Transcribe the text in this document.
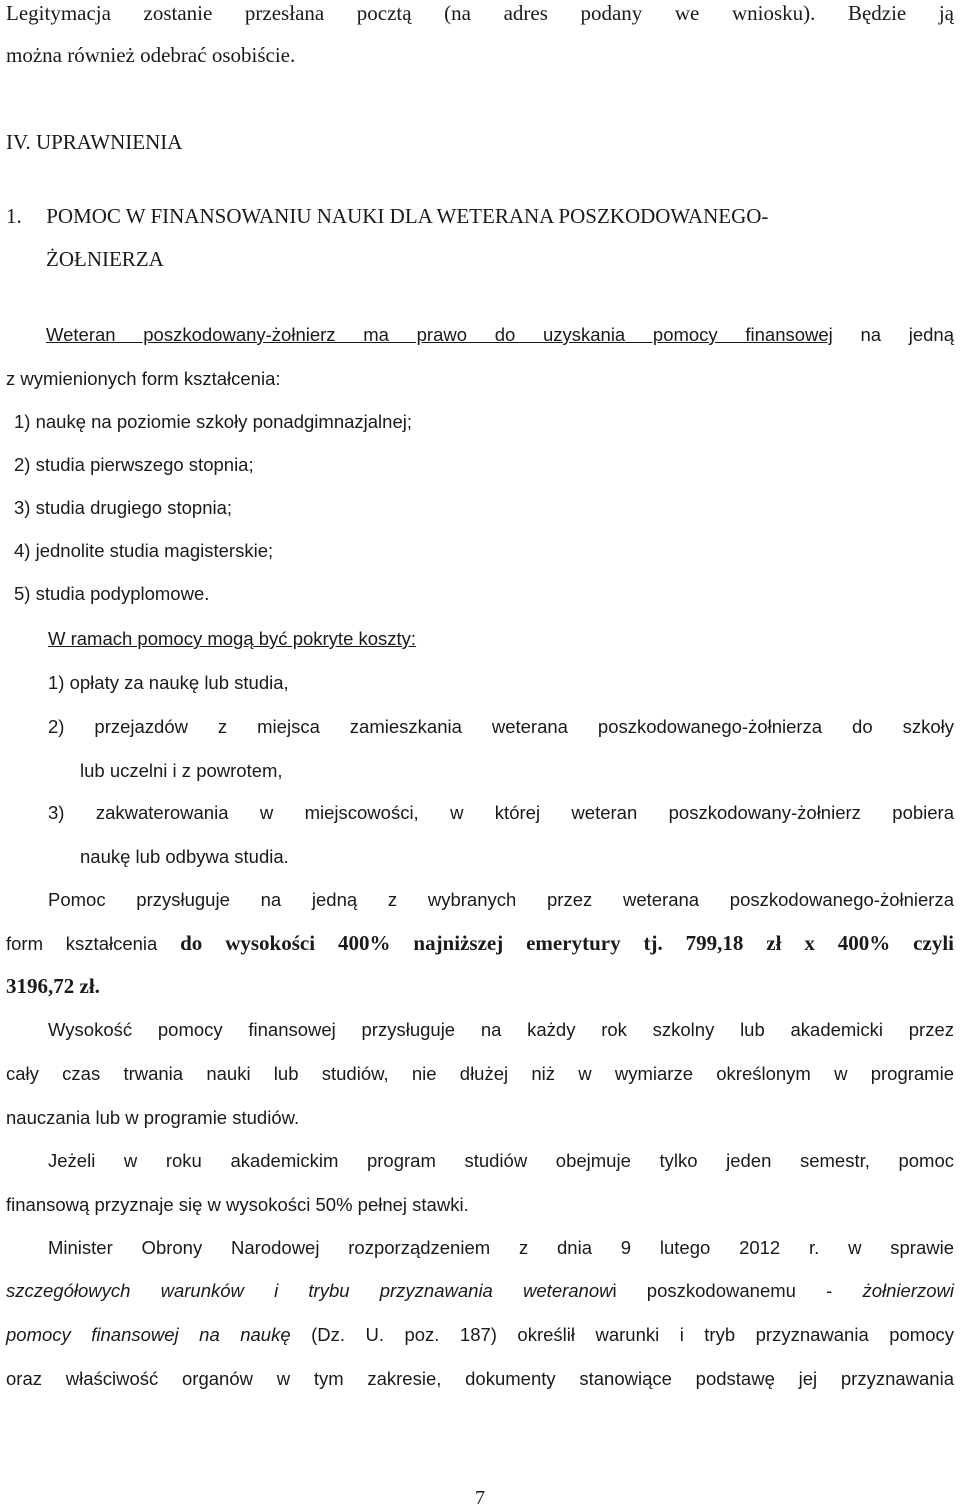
Legitymacja zostanie przesłana pocztą (na adres podany we wniosku). Będzie ją
można również odebrać osobiście.
IV. UPRAWNIENIA
1. POMOC W FINANSOWANIU NAUKI DLA WETERANA POSZKODOWANEGO-
ŻOŁNIERZA
Weteran poszkodowany-żołnierz ma prawo do uzyskania pomocy finansowej na jedną
z wymienionych form kształcenia:
1) naukę na poziomie szkoły ponadgimnazjalnej;
2) studia pierwszego stopnia;
3) studia drugiego stopnia;
4) jednolite studia magisterskie;
5) studia podyplomowe.
W ramach pomocy mogą być pokryte koszty:
1) opłaty za naukę lub studia,
2) przejazdów z miejsca zamieszkania weterana poszkodowanego-żołnierza do szkoły
lub uczelni i z powrotem,
3) zakwaterowania w miejscowości, w której weteran poszkodowany-żołnierz pobiera
naukę lub odbywa studia.
Pomoc przysługuje na jedną z wybranych przez weterana poszkodowanego-żołnierza
form kształcenia do wysokości 400% najniższej emerytury tj. 799,18 zł x 400% czyli
3196,72 zł.
Wysokość pomocy finansowej przysługuje na każdy rok szkolny lub akademicki przez
cały czas trwania nauki lub studiów, nie dłużej niż w wymiarze określonym w programie
nauczania lub w programie studiów.
Jeżeli w roku akademickim program studiów obejmuje tylko jeden semestr, pomoc
finansową przyznaje się w wysokości 50% pełnej stawki.
Minister Obrony Narodowej rozporządzeniem z dnia 9 lutego 2012 r. w sprawie
szczegółowych warunków i trybu przyznawania weteranowi poszkodowanemu - żołnierzowi
pomocy finansowej na naukę (Dz. U. poz. 187) określił warunki i tryb przyznawania pomocy
oraz właściwość organów w tym zakresie, dokumenty stanowiące podstawę jej przyznawania
7
